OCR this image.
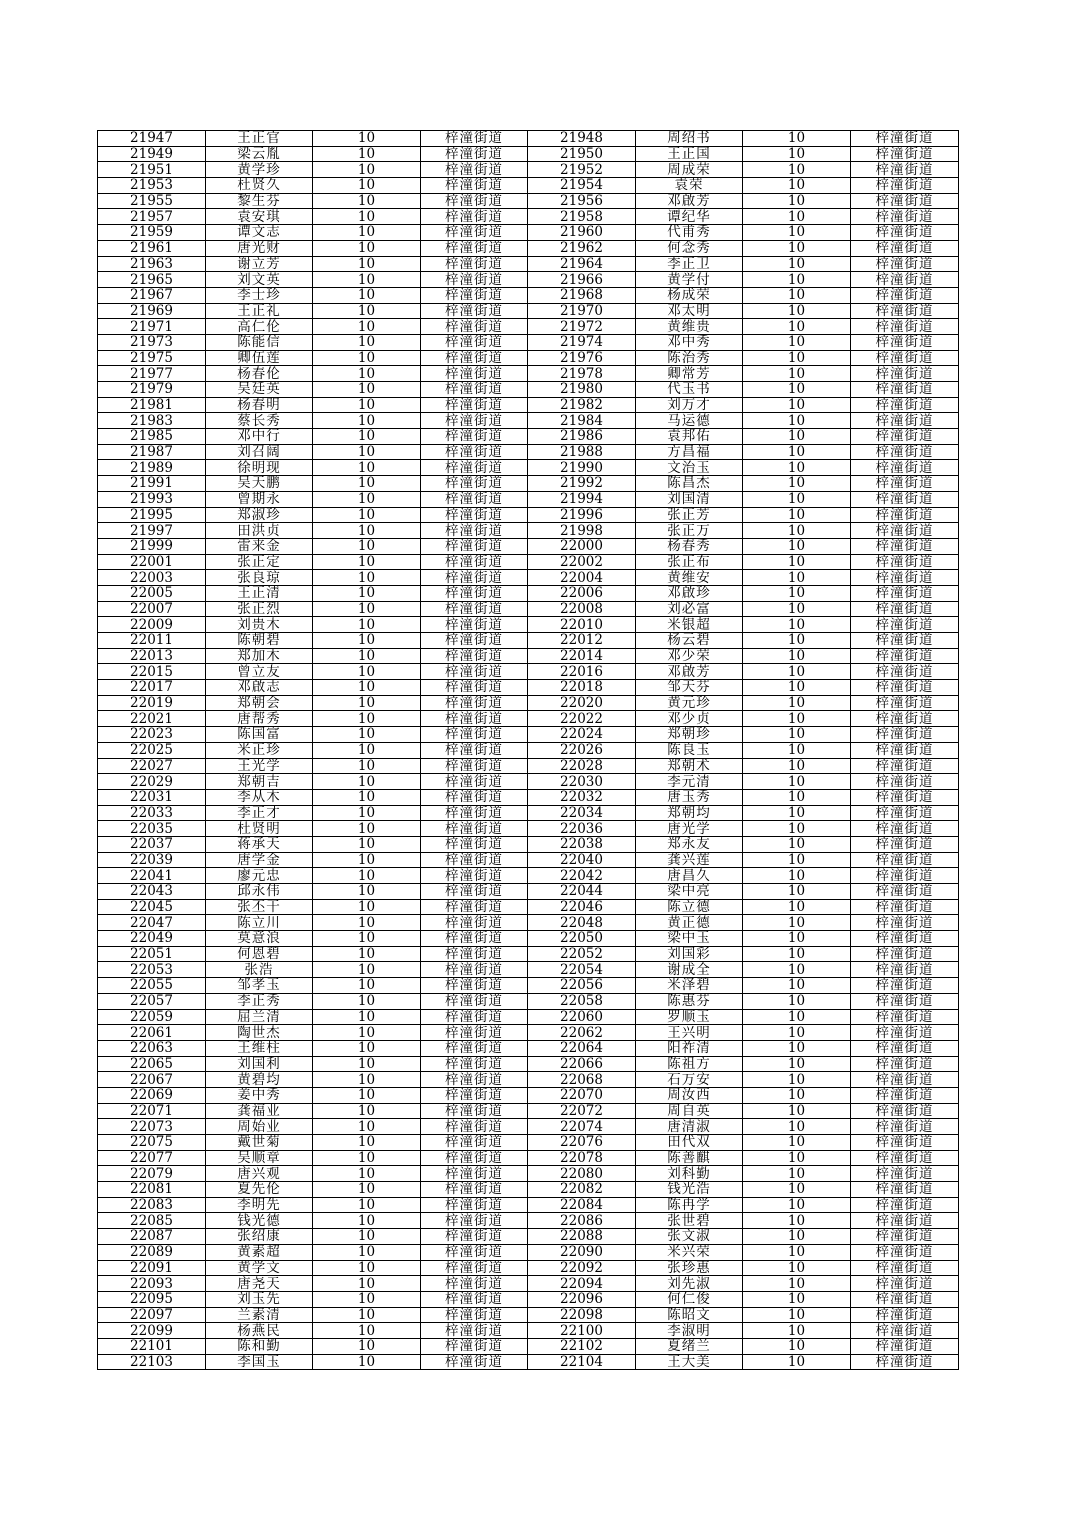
21947	王正官	10	梓潼街道	21948	周绍书	10	梓潼街道
21949	梁云胤	10	梓潼街道	21950	王正国	10	梓潼街道
21951	黄学珍	10	梓潼街道	21952	周成荣	10	梓潼街道
21953	杜贤久	10	梓潼街道	21954	袁荣	10	梓潼街道
21955	黎生芬	10	梓潼街道	21956	邓啟芳	10	梓潼街道
21957	袁安琪	10	梓潼街道	21958	谭纪华	10	梓潼街道
21959	谭文志	10	梓潼街道	21960	代甫秀	10	梓潼街道
21961	唐光财	10	梓潼街道	21962	何念秀	10	梓潼街道
21963	谢立芳	10	梓潼街道	21964	李正卫	10	梓潼街道
21965	刘文英	10	梓潼街道	21966	黄学付	10	梓潼街道
21967	李士珍	10	梓潼街道	21968	杨成荣	10	梓潼街道
21969	王正礼	10	梓潼街道	21970	邓太明	10	梓潼街道
21971	高仁伦	10	梓潼街道	21972	黄维贵	10	梓潼街道
21973	陈能信	10	梓潼街道	21974	邓中秀	10	梓潼街道
21975	卿伍莲	10	梓潼街道	21976	陈治秀	10	梓潼街道
21977	杨春伦	10	梓潼街道	21978	卿常芳	10	梓潼街道
21979	吴廷英	10	梓潼街道	21980	代玉书	10	梓潼街道
21981	杨春明	10	梓潼街道	21982	刘万才	10	梓潼街道
21983	蔡长秀	10	梓潼街道	21984	马运德	10	梓潼街道
21985	邓中行	10	梓潼街道	21986	袁邦佑	10	梓潼街道
21987	刘召阔	10	梓潼街道	21988	方昌福	10	梓潼街道
21989	徐明现	10	梓潼街道	21990	文治玉	10	梓潼街道
21991	吴天鹏	10	梓潼街道	21992	陈昌杰	10	梓潼街道
21993	曾期永	10	梓潼街道	21994	刘国清	10	梓潼街道
21995	郑淑珍	10	梓潼街道	21996	张正芳	10	梓潼街道
21997	田洪贞	10	梓潼街道	21998	张正万	10	梓潼街道
21999	雷来金	10	梓潼街道	22000	杨春秀	10	梓潼街道
22001	张正定	10	梓潼街道	22002	张正布	10	梓潼街道
22003	张良琼	10	梓潼街道	22004	黄维安	10	梓潼街道
22005	王正清	10	梓潼街道	22006	邓啟珍	10	梓潼街道
22007	张正烈	10	梓潼街道	22008	刘必富	10	梓潼街道
22009	刘贵木	10	梓潼街道	22010	米银超	10	梓潼街道
22011	陈朝碧	10	梓潼街道	22012	杨云碧	10	梓潼街道
22013	郑加木	10	梓潼街道	22014	邓少荣	10	梓潼街道
22015	曾立友	10	梓潼街道	22016	邓啟芳	10	梓潼街道
22017	邓啟志	10	梓潼街道	22018	邹天芬	10	梓潼街道
22019	郑朝会	10	梓潼街道	22020	黄元珍	10	梓潼街道
22021	唐帮秀	10	梓潼街道	22022	邓少贞	10	梓潼街道
22023	陈国富	10	梓潼街道	22024	郑朝珍	10	梓潼街道
22025	米正珍	10	梓潼街道	22026	陈良玉	10	梓潼街道
22027	王光学	10	梓潼街道	22028	郑朝术	10	梓潼街道
22029	郑朝吉	10	梓潼街道	22030	李元清	10	梓潼街道
22031	李从木	10	梓潼街道	22032	唐玉秀	10	梓潼街道
22033	李正才	10	梓潼街道	22034	郑朝均	10	梓潼街道
22035	杜贤明	10	梓潼街道	22036	唐光学	10	梓潼街道
22037	蒋承天	10	梓潼街道	22038	郑永友	10	梓潼街道
22039	唐学金	10	梓潼街道	22040	龚兴莲	10	梓潼街道
22041	廖元忠	10	梓潼街道	22042	唐昌久	10	梓潼街道
22043	邱永伟	10	梓潼街道	22044	梁中亮	10	梓潼街道
22045	张丕干	10	梓潼街道	22046	陈立德	10	梓潼街道
22047	陈立川	10	梓潼街道	22048	黄正德	10	梓潼街道
22049	莫意浪	10	梓潼街道	22050	梁中玉	10	梓潼街道
22051	何恩碧	10	梓潼街道	22052	刘国彩	10	梓潼街道
22053	张浩	10	梓潼街道	22054	谢成全	10	梓潼街道
22055	邹孝玉	10	梓潼街道	22056	米泽碧	10	梓潼街道
22057	李正秀	10	梓潼街道	22058	陈惠芬	10	梓潼街道
22059	屈兰清	10	梓潼街道	22060	罗顺玉	10	梓潼街道
22061	陶世杰	10	梓潼街道	22062	王兴明	10	梓潼街道
22063	王维柱	10	梓潼街道	22064	阳祚清	10	梓潼街道
22065	刘国利	10	梓潼街道	22066	陈祖方	10	梓潼街道
22067	黄碧均	10	梓潼街道	22068	石万安	10	梓潼街道
22069	姜中秀	10	梓潼街道	22070	周汝西	10	梓潼街道
22071	龚福业	10	梓潼街道	22072	周自英	10	梓潼街道
22073	周始业	10	梓潼街道	22074	唐清淑	10	梓潼街道
22075	戴世菊	10	梓潼街道	22076	田代双	10	梓潼街道
22077	吴顺章	10	梓潼街道	22078	陈善麒	10	梓潼街道
22079	唐兴观	10	梓潼街道	22080	刘科勤	10	梓潼街道
22081	夏先伦	10	梓潼街道	22082	钱光浩	10	梓潼街道
22083	李明先	10	梓潼街道	22084	陈冉学	10	梓潼街道
22085	钱光德	10	梓潼街道	22086	张世碧	10	梓潼街道
22087	张绍康	10	梓潼街道	22088	张文淑	10	梓潼街道
22089	黄素超	10	梓潼街道	22090	米兴荣	10	梓潼街道
22091	黄学文	10	梓潼街道	22092	张珍惠	10	梓潼街道
22093	唐尧天	10	梓潼街道	22094	刘先淑	10	梓潼街道
22095	刘玉先	10	梓潼街道	22096	何仁俊	10	梓潼街道
22097	兰素清	10	梓潼街道	22098	陈昭文	10	梓潼街道
22099	杨燕民	10	梓潼街道	22100	李淑明	10	梓潼街道
22101	陈和勤	10	梓潼街道	22102	夏绪兰	10	梓潼街道
22103	李国玉	10	梓潼街道	22104	王大美	10	梓潼街道
